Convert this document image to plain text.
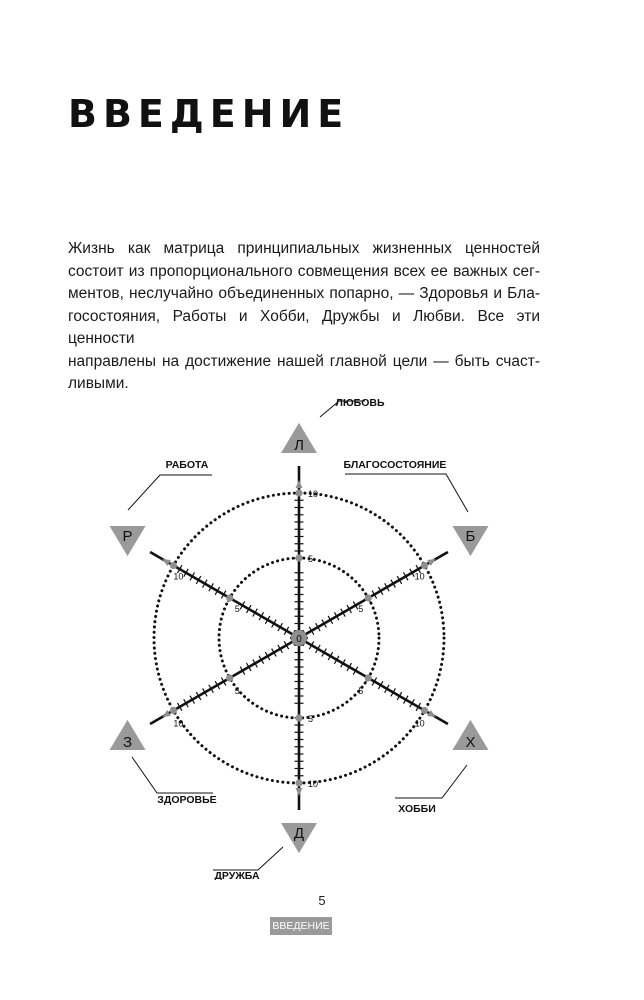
ВВЕДЕНИЕ

Жизнь как матрица принципиальных жизненных ценностей
состоит из пропорционального совмещения всех ее важных сег-
ментов, неслучайно объединенных попарно, — Здоровья и Бла-
госостояния, Работы и Хобби, Дружбы и Любви. Все эти ценности
направлены на достижение нашей главной цели — быть счаст-
ливыми.

5
10
5
10
5
10
5
10
5
10
5
10
0
ЛЮБОВЬ
БЛАГОСОСТОЯНИЕ
ХОББИ
ДРУЖБА
ЗДОРОВЬЕ
РАБОТА
Л
Б
Х
Д
З
Р
5
ВВЕДЕНИЕ
